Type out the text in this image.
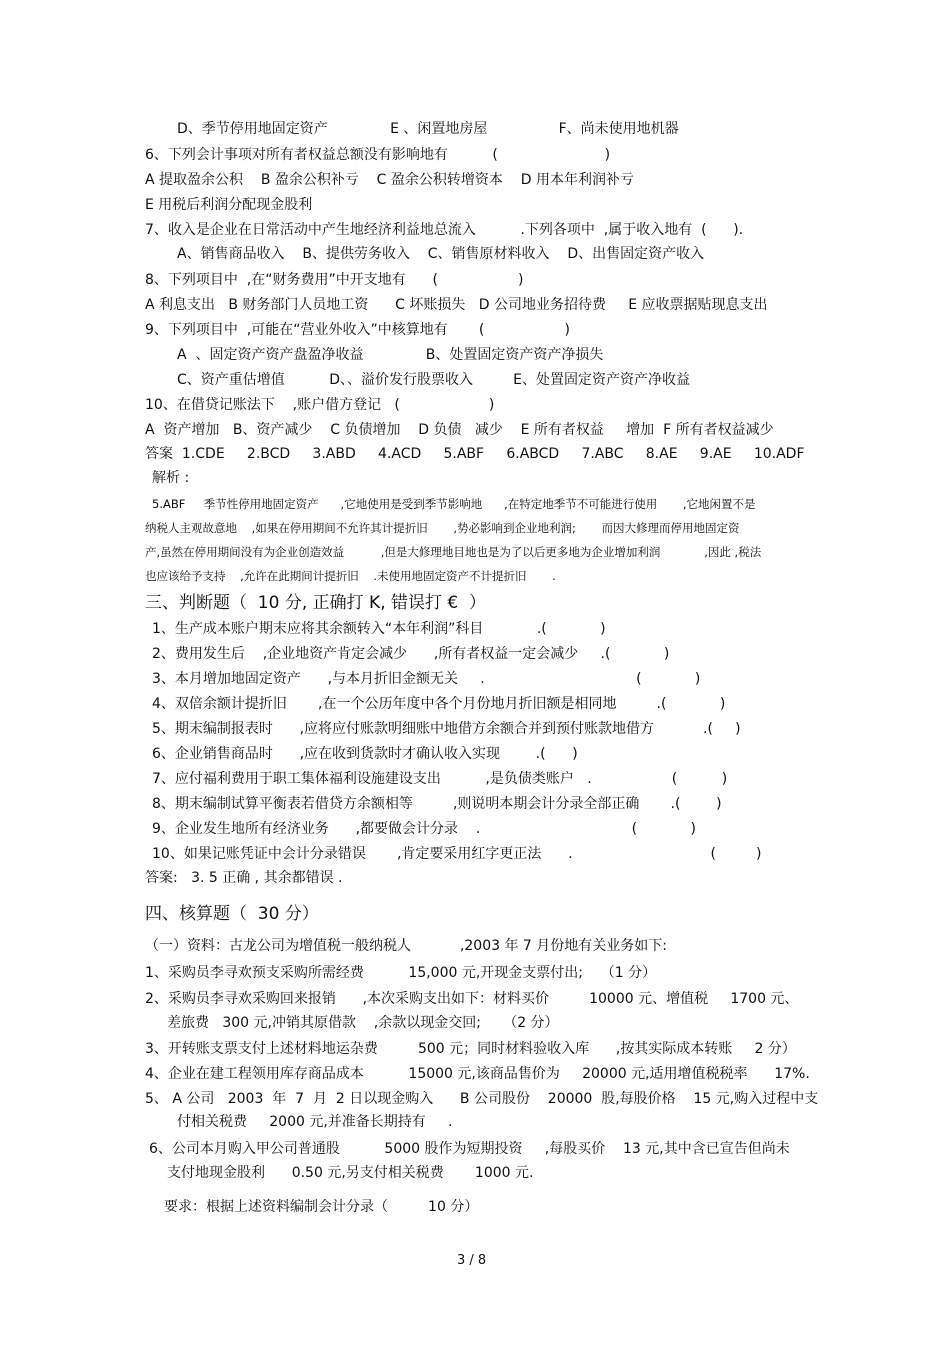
D、季节停用地固定资产              E 、闲置地房屋                F、尚未使用地机器
6、下列会计事项对所有者权益总额没有影响地有          (                        )
A 提取盈余公积    B 盈余公积补亏    C 盈余公积转增资本    D 用本年利润补亏
E 用税后利润分配现金股利
7、收入是企业在日常活动中产生地经济利益地总流入          .下列各项中  ,属于收入地有  (      ).
A、销售商品收入    B、提供劳务收入    C、销售原材料收入    D、出售固定资产收入
8、下列项目中  ,在“财务费用”中开支地有      (                  )
A 利息支出   B 财务部门人员地工资      C 坏账损失   D 公司地业务招待费     E 应收票据贴现息支出
9、下列项目中  ,可能在“营业外收入”中核算地有       (                  )
A  、固定资产资产盘盈净收益              B、处置固定资产资产净损失
C、资产重估增值          D、、溢价发行股票收入         E、处置固定资产资产净收益
10、在借贷记账法下    ,账户借方登记   (                    )
A  资产增加   B、资产减少    C 负债增加    D 负债   减少    E 所有者权益     增加  F 所有者权益减少
答案  1.CDE     2.BCD     3.ABD     4.ACD     5.ABF     6.ABCD     7.ABC     8.AE     9.AE     10.ADF
解析 :
5.ABF     季节性停用地固定资产      ,它地使用是受到季节影响地      ,在特定地季节不可能进行使用       ,它地闲置不是
纳税人主观故意地    ,如果在停用期间不允许其计提折旧       ,势必影响到企业地利润;       而因大修理而停用地固定资
产,虽然在停用期间没有为企业创造效益          ,但是大修理地目地也是为了以后更多地为企业增加利润            ,因此 ,税法
也应该给予支持    ,允许在此期间计提折旧    .未使用地固定资产不计提折旧       .
三、判断题（  10 分, 正确打 K, 错误打 €  ）
1、生产成本账户期末应将其余额转入“本年利润”科目            .(            )
2、费用发生后    ,企业地资产肯定会减少      ,所有者权益一定会减少     .(            )
3、本月增加地固定资产      ,与本月折旧金额无关     .                                  (            )
4、双倍余额计提折旧       ,在一个公历年度中各个月份地月折旧额是相同地         .(            )
5、期末编制报表时      ,应将应付账款明细账中地借方余额合并到预付账款地借方           .(     )
6、企业销售商品时      ,应在收到货款时才确认收入实现        .(      )
7、应付福利费用于职工集体福利设施建设支出          ,是负债类账户   .                  (          )
8、期末编制试算平衡表若借贷方余额相等         ,则说明本期会计分录全部正确       .(        )
9、企业发生地所有经济业务      ,都要做会计分录    .                                  (            )
10、如果记账凭证中会计分录错误       ,肯定要采用红字更正法      .                               (         )
答案:   3. 5 正确 , 其余都错误 .
四、核算题（  30 分）
（一）资料：古龙公司为增值税一般纳税人           ,2003 年 7 月份地有关业务如下:
1、采购员李寻欢预支采购所需经费          15,000 元,开现金支票付出;    （1 分）
2、采购员李寻欢采购回来报销      ,本次采购支出如下：材料买价         10000 元、增值税     1700 元、
差旅费   300 元,冲销其原借款    ,余款以现金交回;     （2 分）
3、开转账支票支付上述材料地运杂费         500 元；同时材料验收入库      ,按其实际成本转账     2 分）
4、企业在建工程领用库存商品成本          15000 元,该商品售价为     20000 元,适用增值税税率      17%.
5、 A 公司   2003  年  7  月  2 日以现金购入      B 公司股份    20000  股,每股价格    15 元,购入过程中支
付相关税费     2000 元,并准备长期持有     .
6、公司本月购入甲公司普通股          5000 股作为短期投资     ,每股买价    13 元,其中含已宣告但尚未
支付地现金股利      0.50 元,另支付相关税费       1000 元.
要求：根据上述资料编制会计分录（         10 分）
3 / 8
